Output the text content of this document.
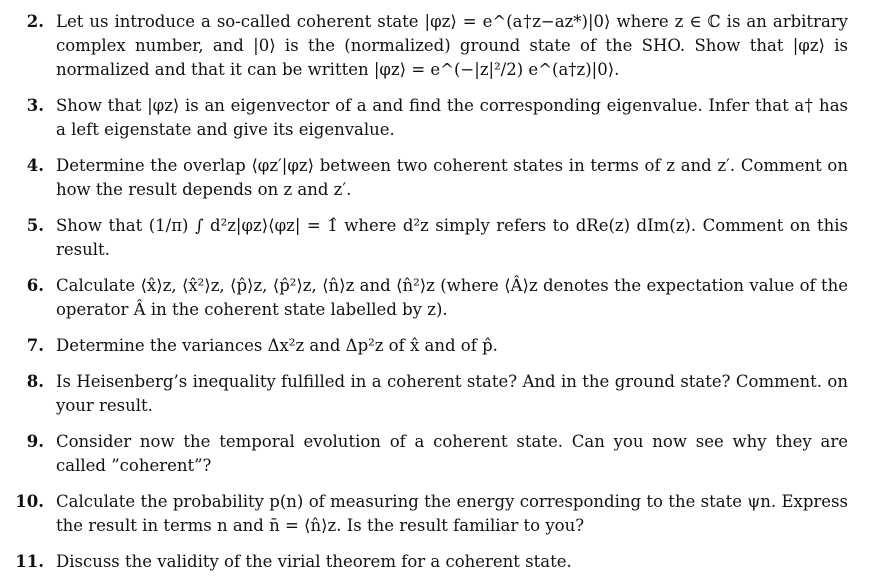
2. Let us introduce a so-called coherent state |φz⟩ = e^(a†z−az*)|0⟩ where z ∈ ℂ is an arbitrary complex number, and |0⟩ is the (normalized) ground state of the SHO. Show that |φz⟩ is normalized and that it can be written |φz⟩ = e^(−|z|²/2) e^(a†z)|0⟩.
3. Show that |φz⟩ is an eigenvector of a and find the corresponding eigenvalue. Infer that a† has a left eigenstate and give its eigenvalue.
4. Determine the overlap ⟨φz′|φz⟩ between two coherent states in terms of z and z′. Comment on how the result depends on z and z′.
5. Show that (1/π) ∫ d²z|φz⟩⟨φz| = 1̂ where d²z simply refers to dRe(z) dIm(z). Comment on this result.
6. Calculate ⟨x̂⟩z, ⟨x̂²⟩z, ⟨p̂⟩z, ⟨p̂²⟩z, ⟨n̂⟩z and ⟨n̂²⟩z (where ⟨Â⟩z denotes the expectation value of the operator Â in the coherent state labelled by z).
7. Determine the variances Δx²z and Δp²z of x̂ and of p̂.
8. Is Heisenberg’s inequality fulfilled in a coherent state? And in the ground state? Comment. on your result.
9. Consider now the temporal evolution of a coherent state. Can you now see why they are called ”coherent”?
10. Calculate the probability p(n) of measuring the energy corresponding to the state ψn. Express the result in terms n and n̄ = ⟨n̂⟩z. Is the result familiar to you?
11. Discuss the validity of the virial theorem for a coherent state.
